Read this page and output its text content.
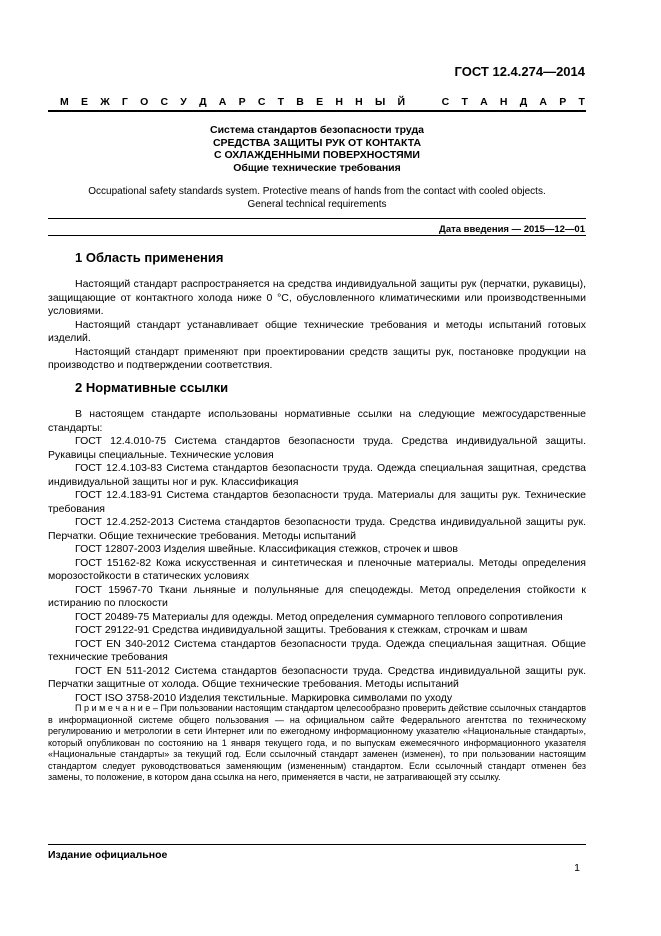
ГОСТ 12.4.274—2014
М Е Ж Г О С У Д А Р С Т В Е Н Н Ы Й	С Т А Н Д А Р Т
Система стандартов безопасности труда
СРЕДСТВА ЗАЩИТЫ РУК ОТ КОНТАКТА
С ОХЛАЖДЕННЫМИ ПОВЕРХНОСТЯМИ
Общие технические требования
Occupational safety standards system. Protective means of hands from the contact with cooled objects.
General technical requirements
Дата введения — 2015—12—01
1 Область применения

Настоящий стандарт распространяется на средства индивидуальной защиты рук (перчатки, рукавицы), защищающие от контактного холода ниже 0 °С, обусловленного климатическими или производственными условиями.

Настоящий стандарт устанавливает общие технические требования и методы испытаний готовых изделий.

Настоящий стандарт применяют при проектировании средств защиты рук, постановке продукции на производство и подтверждении соответствия.

2 Нормативные ссылки

В настоящем стандарте использованы нормативные ссылки на следующие межгосударственные стандарты:

ГОСТ 12.4.010-75 Система стандартов безопасности труда. Средства индивидуальной защиты. Рукавицы специальные. Технические условия

ГОСТ 12.4.103-83 Система стандартов безопасности труда. Одежда специальная защитная, средства индивидуальной защиты ног и рук. Классификация

ГОСТ 12.4.183-91 Система стандартов безопасности труда. Материалы для защиты рук. Технические требования

ГОСТ 12.4.252-2013 Система стандартов безопасности труда. Средства индивидуальной защиты рук. Перчатки. Общие технические требования. Методы испытаний

ГОСТ 12807-2003 Изделия швейные. Классификация стежков, строчек и швов

ГОСТ 15162-82 Кожа искусственная и синтетическая и пленочные материалы. Методы определения морозостойкости в статических условиях

ГОСТ 15967-70 Ткани льняные и полульняные для спецодежды. Метод определения стойкости к истиранию по плоскости

ГОСТ 20489-75 Материалы для одежды. Метод определения суммарного теплового сопротивления

ГОСТ 29122-91 Средства индивидуальной защиты. Требования к стежкам, строчкам и швам

ГОСТ EN 340-2012 Система стандартов безопасности труда. Одежда специальная защитная. Общие технические требования

ГОСТ EN 511-2012 Система стандартов безопасности труда. Средства индивидуальной защиты рук. Перчатки защитные от холода. Общие технические требования. Методы испытаний

ГОСТ ISO 3758-2010 Изделия текстильные. Маркировка символами по уходу

П р и м е ч а н и е – При пользовании настоящим стандартом целесообразно проверить действие ссылочных стандартов в информационной системе общего пользования — на официальном сайте Федерального агентства по техническому регулированию и метрологии в сети Интернет или по ежегодному информационному указателю «Национальные стандарты», который опубликован по состоянию на 1 января текущего года, и по выпускам ежемесячного информационного указателя «Национальные стандарты» за текущий год. Если ссылочный стандарт заменен (изменен), то при пользовании настоящим стандартом следует руководствоваться заменяющим (измененным) стандартом. Если ссылочный стандарт отменен без замены, то положение, в котором дана ссылка на него, применяется в части, не затрагивающей эту ссылку.

Издание официальное
1
